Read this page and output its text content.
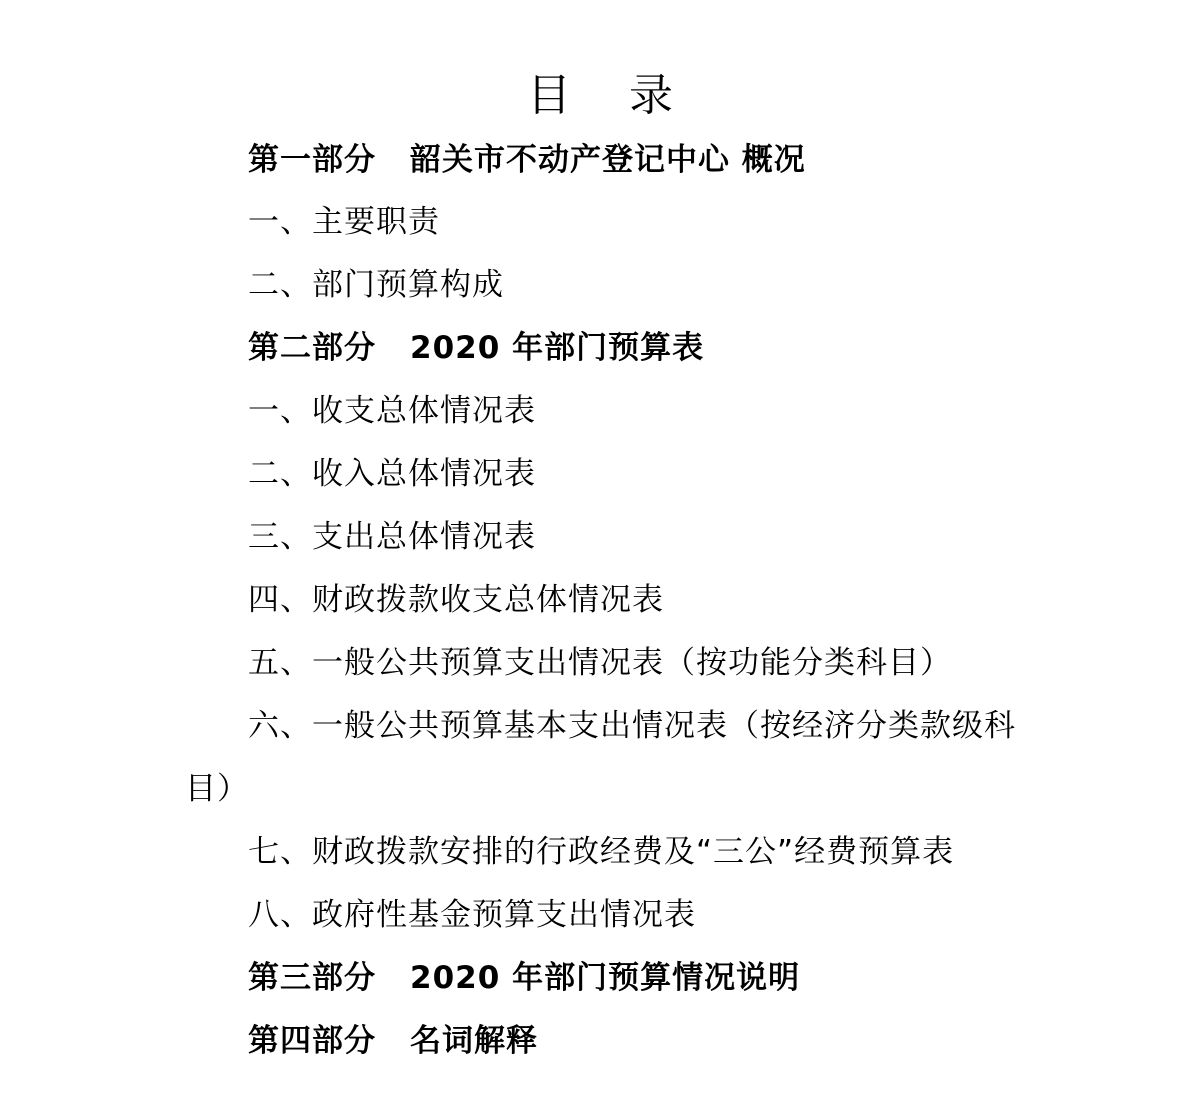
目 录
第一部分 韶关市不动产登记中心 概况
一、主要职责
二、部门预算构成
第二部分 2020 年部门预算表
一、收支总体情况表
二、收入总体情况表
三、支出总体情况表
四、财政拨款收支总体情况表
五、一般公共预算支出情况表（按功能分类科目）
六、一般公共预算基本支出情况表（按经济分类款级科
目）
七、财政拨款安排的行政经费及“三公”经费预算表
八、政府性基金预算支出情况表
第三部分 2020 年部门预算情况说明
第四部分 名词解释
